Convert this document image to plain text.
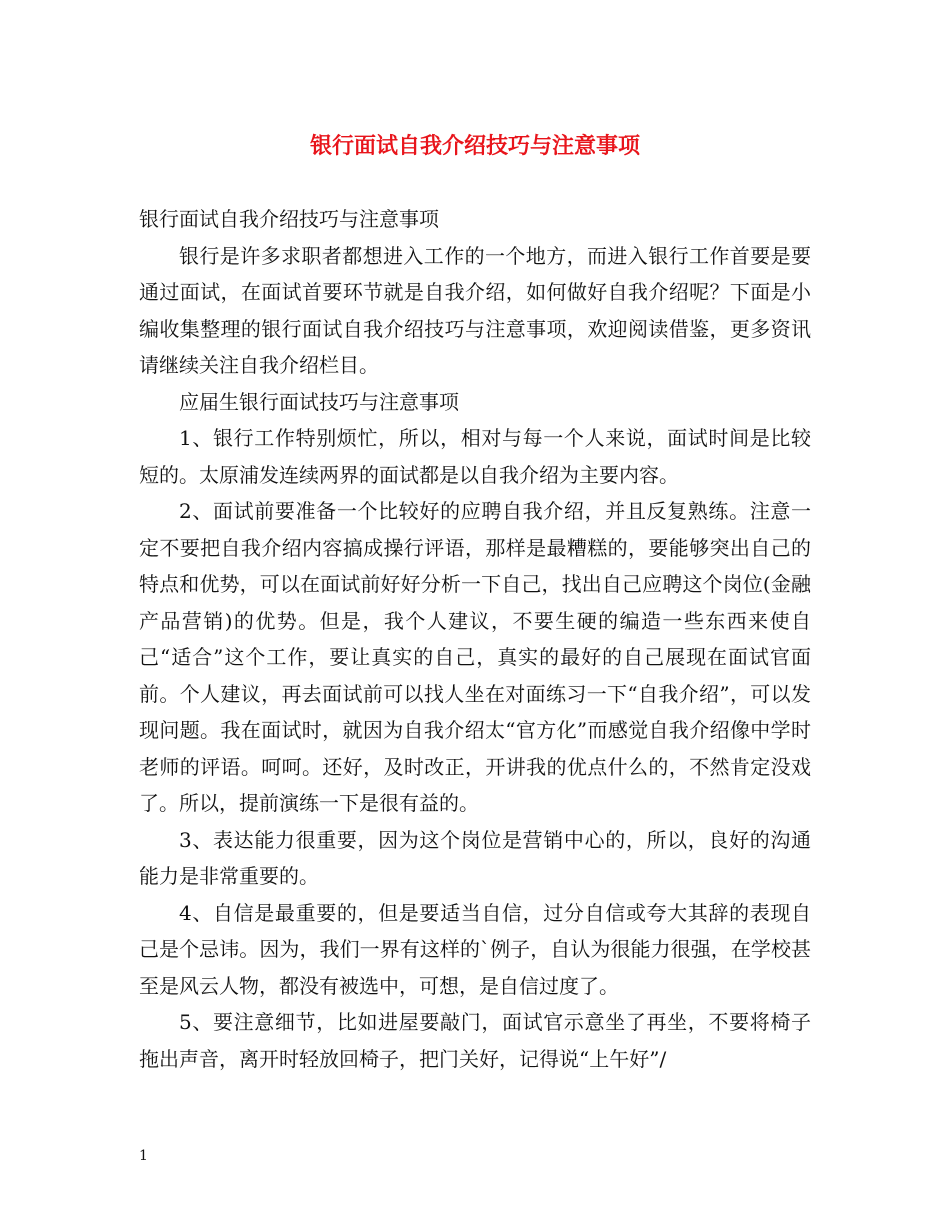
银行面试自我介绍技巧与注意事项

银行面试自我介绍技巧与注意事项

银行是许多求职者都想进入工作的一个地方，而进入银行工作首要是要通过面试，在面试首要环节就是自我介绍，如何做好自我介绍呢？下面是小编收集整理的银行面试自我介绍技巧与注意事项，欢迎阅读借鉴，更多资讯请继续关注自我介绍栏目。

应届生银行面试技巧与注意事项

1、银行工作特别烦忙，所以，相对与每一个人来说，面试时间是比较短的。太原浦发连续两界的面试都是以自我介绍为主要内容。

2、面试前要准备一个比较好的应聘自我介绍，并且反复熟练。注意一定不要把自我介绍内容搞成操行评语，那样是最糟糕的，要能够突出自己的特点和优势，可以在面试前好好分析一下自己，找出自己应聘这个岗位(金融产品营销)的优势。但是，我个人建议，不要生硬的编造一些东西来使自己“适合”这个工作，要让真实的自己，真实的最好的自己展现在面试官面前。个人建议，再去面试前可以找人坐在对面练习一下“自我介绍”，可以发现问题。我在面试时，就因为自我介绍太“官方化”而感觉自我介绍像中学时老师的评语。呵呵。还好，及时改正，开讲我的优点什么的，不然肯定没戏了。所以，提前演练一下是很有益的。

3、表达能力很重要，因为这个岗位是营销中心的，所以，良好的沟通能力是非常重要的。

4、自信是最重要的，但是要适当自信，过分自信或夸大其辞的表现自己是个忌讳。因为，我们一界有这样的`例子，自认为很能力很强，在学校甚至是风云人物，都没有被选中，可想，是自信过度了。

5、要注意细节，比如进屋要敲门，面试官示意坐了再坐，不要将椅子拖出声音，离开时轻放回椅子，把门关好，记得说“上午好”/

1
